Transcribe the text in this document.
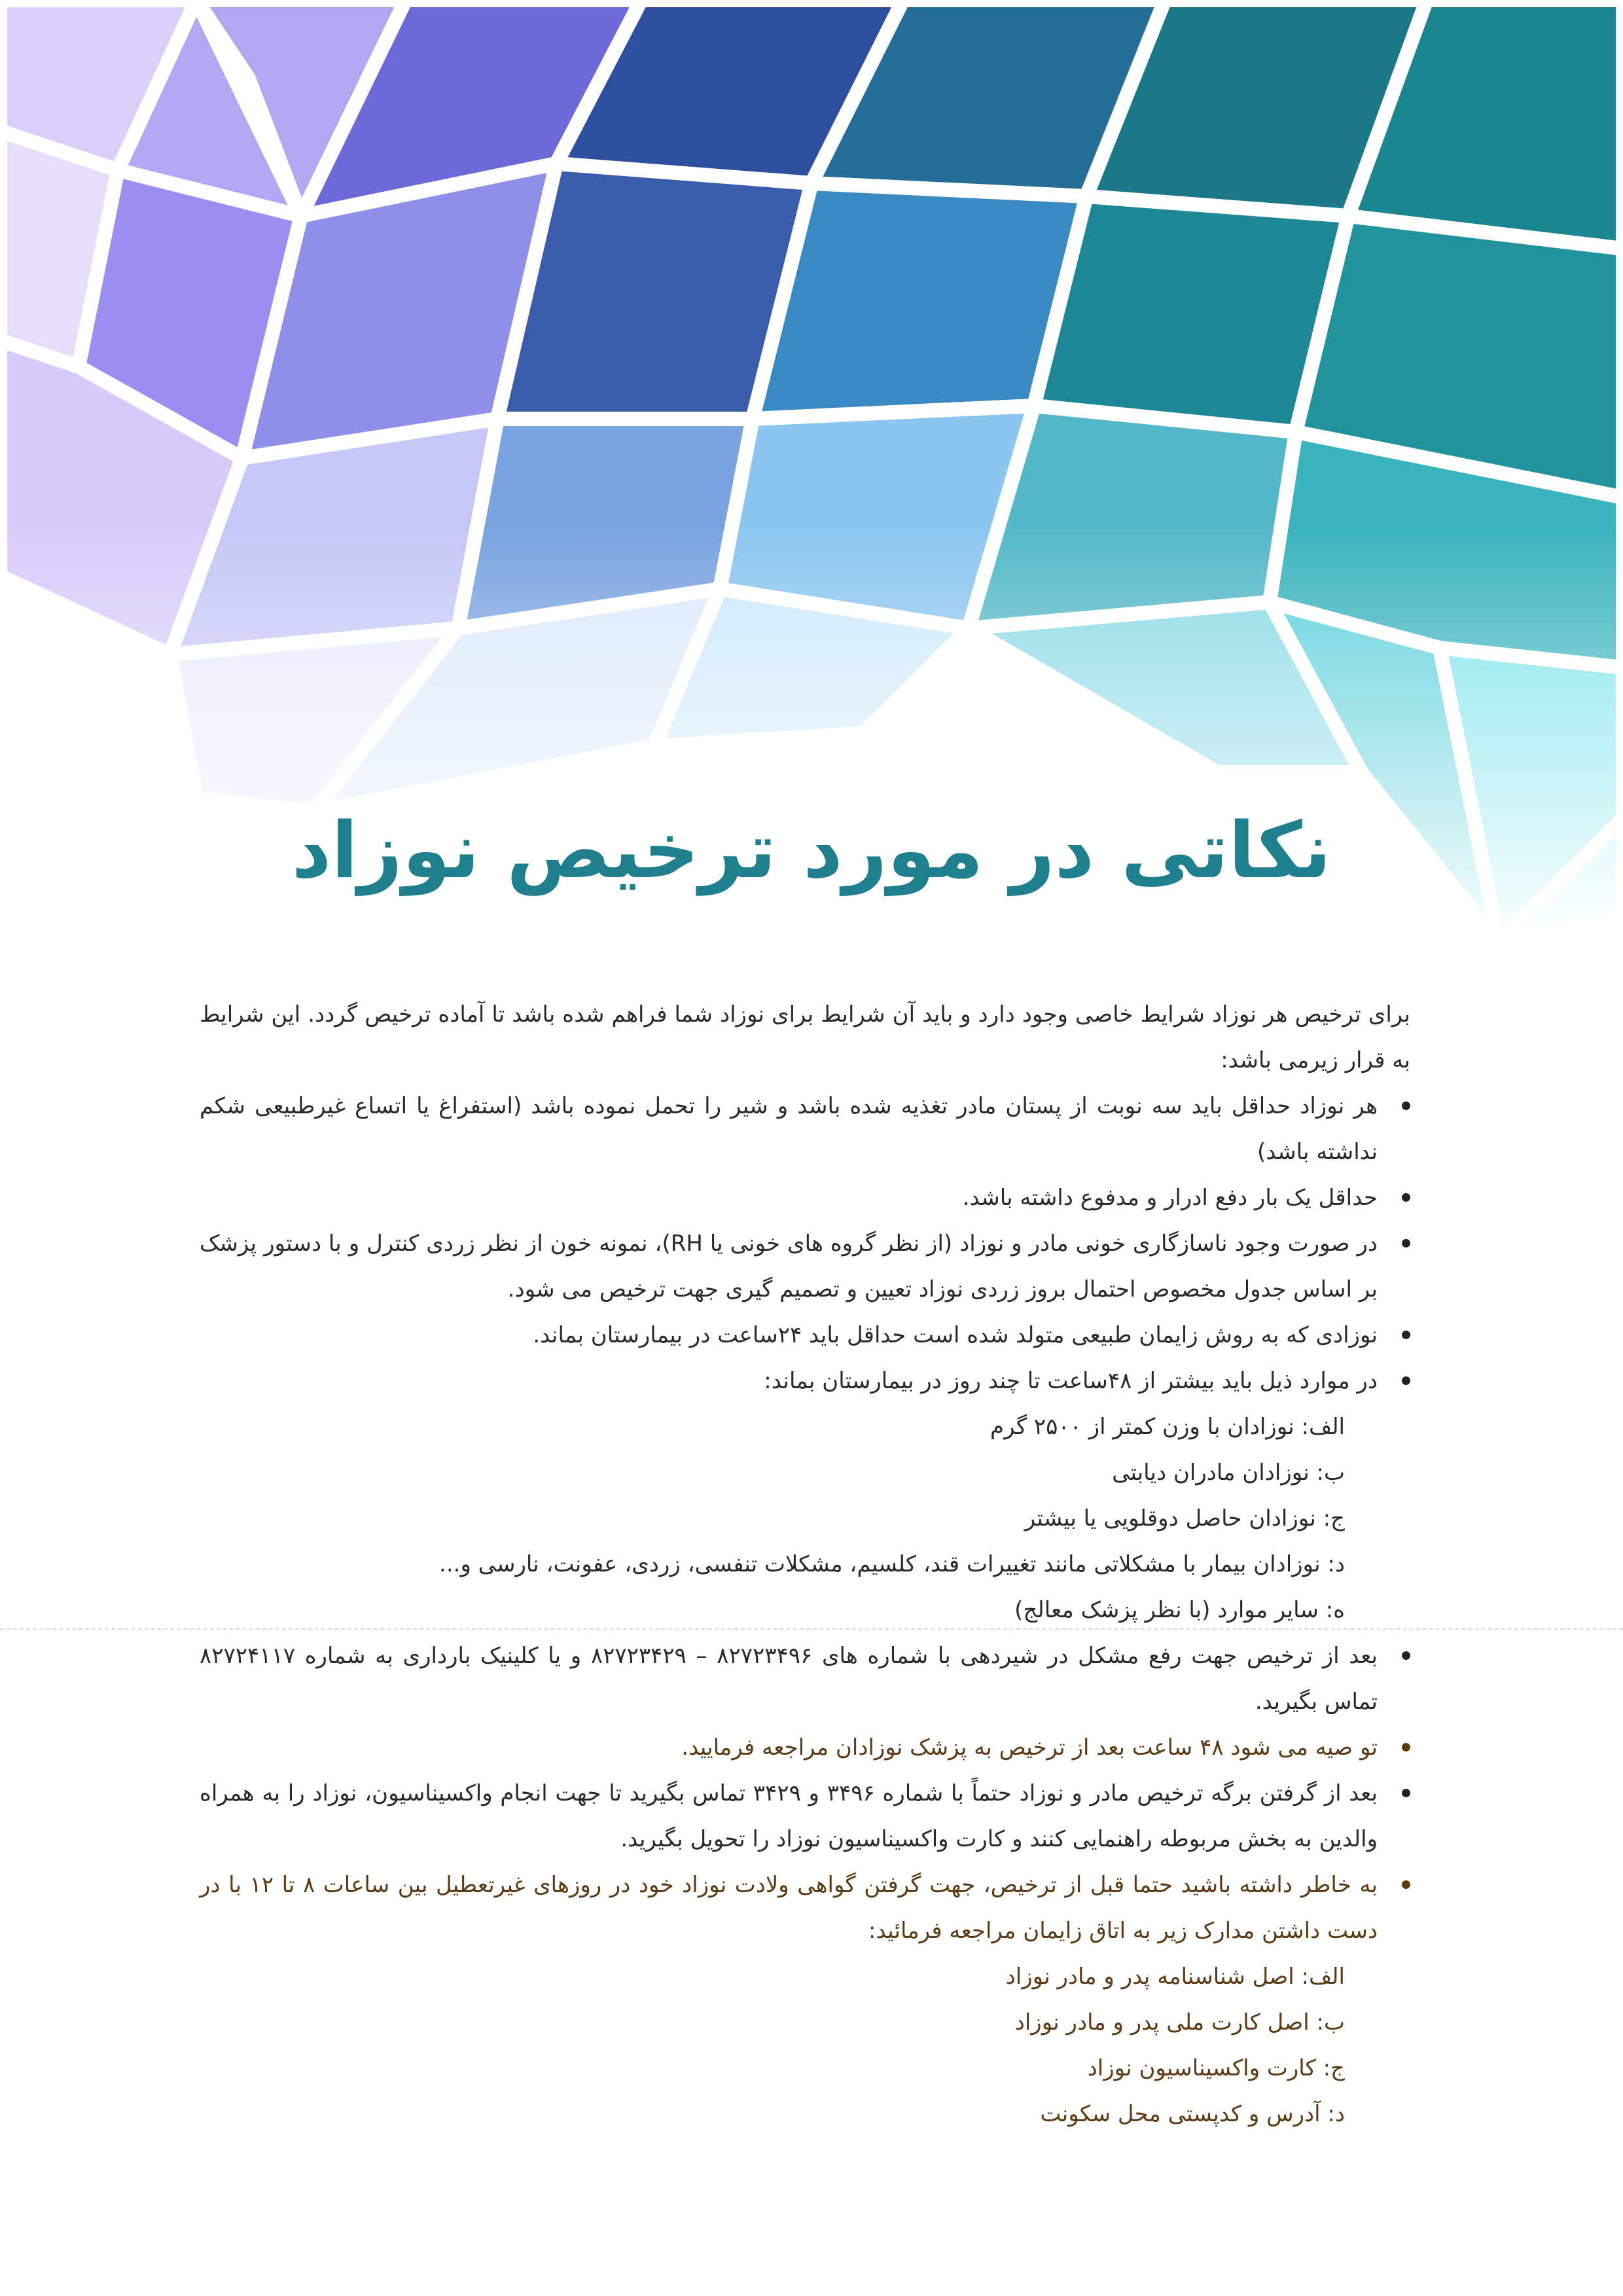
نکاتی در مورد ترخیص نوزاد

برای ترخیص هر نوزاد شرایط خاصی وجود دارد و باید آن شرایط برای نوزاد شما فراهم شده باشد تا آماده ترخیص گردد. این شرایط به قرار زیرمی باشد:

هر نوزاد حداقل باید سه نوبت از پستان مادر تغذیه شده باشد و شیر را تحمل نموده باشد (استفراغ یا اتساع غیرطبیعی شکم نداشته باشد)
حداقل یک بار دفع ادرار و مدفوع داشته باشد.
در صورت وجود ناسازگاری خونی مادر و نوزاد (از نظر گروه های خونی یا RH)، نمونه خون از نظر زردی کنترل و با دستور پزشک بر اساس جدول مخصوص احتمال بروز زردی نوزاد تعیین و تصمیم گیری جهت ترخیص می شود.
نوزادی که به روش زایمان طبیعی متولد شده است حداقل باید ۲۴ساعت در بیمارستان بماند.
در موارد ذیل باید بیشتر از ۴۸ساعت تا چند روز در بیمارستان بماند:
الف: نوزادان با وزن کمتر از ۲۵۰۰ گرم
ب: نوزادان مادران دیابتی
ج: نوزادان حاصل دوقلویی یا بیشتر
د: نوزادان بیمار با مشکلاتی مانند تغییرات قند، کلسیم، مشکلات تنفسی، زردی، عفونت، نارسی و...
ه: سایر موارد (با نظر پزشک معالج)
بعد از ترخیص جهت رفع مشکل در شیردهی با شماره های ۸۲۷۲۳۴۹۶ – ۸۲۷۲۳۴۲۹ و یا کلینیک بارداری به شماره ۸۲۷۲۴۱۱۷ تماس بگیرید.
تو صیه می شود ۴۸ ساعت بعد از ترخیص به پزشک نوزادان مراجعه فرمایید.
بعد از گرفتن برگه ترخیص مادر و نوزاد حتماً با شماره ۳۴۹۶ و ۳۴۲۹ تماس بگیرید تا جهت انجام واکسیناسیون، نوزاد را به همراه والدین به بخش مربوطه راهنمایی کنند و کارت واکسیناسیون نوزاد را تحویل بگیرید.
به خاطر داشته باشید حتما قبل از ترخیص، جهت گرفتن گواهی ولادت نوزاد خود در روزهای غیرتعطیل بین ساعات ۸ تا ۱۲ با در دست داشتن مدارک زیر به اتاق زایمان مراجعه فرمائید:
الف: اصل شناسنامه پدر و مادر نوزاد
ب: اصل کارت ملی پدر و مادر نوزاد
ج: کارت واکسیناسیون نوزاد
د: آدرس و کدپستی محل سکونت
